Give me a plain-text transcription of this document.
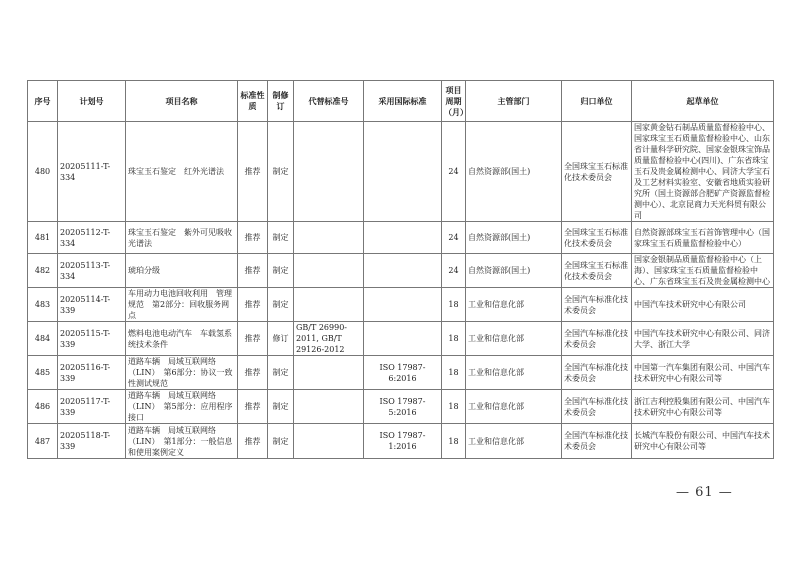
序号	计划号	项目名称	标准性质	制修订	代替标准号	采用国际标准	项目周期（月）	主管部门	归口单位	起草单位
480	20205111-T-334	珠宝玉石鉴定　红外光谱法	推荐	制定			24	自然资源部(国土)	全国珠宝玉石标准化技术委员会	国家黄金钻石制品质量监督检验中心、国家珠宝玉石质量监督检验中心、山东省计量科学研究院、国家金银珠宝饰品质量监督检验中心(四川)、广东省珠宝玉石及贵金属检测中心、同济大学宝石及工艺材料实验室、安徽省地质实验研究所（国土资源部合肥矿产资源监督检测中心）、北京昆商力天光科贸有限公司
481	20205112-T-334	珠宝玉石鉴定　紫外可见吸收光谱法	推荐	制定			24	自然资源部(国土)	全国珠宝玉石标准化技术委员会	自然资源部珠宝玉石首饰管理中心（国家珠宝玉石质量监督检验中心）
482	20205113-T-334	琥珀分级	推荐	制定			24	自然资源部(国土)	全国珠宝玉石标准化技术委员会	国家金银制品质量监督检验中心（上海）、国家珠宝玉石质量监督检验中心、广东省珠宝玉石及贵金属检测中心
483	20205114-T-339	车用动力电池回收利用　管理规范　第2部分：回收服务网点	推荐	制定			18	工业和信息化部	全国汽车标准化技术委员会	中国汽车技术研究中心有限公司
484	20205115-T-339	燃料电池电动汽车　车载氢系统技术条件	推荐	修订	GB/T 26990-2011, GB/T 29126-2012		18	工业和信息化部	全国汽车标准化技术委员会	中国汽车技术研究中心有限公司、同济大学、浙江大学
485	20205116-T-339	道路车辆　局域互联网络（LIN）　第6部分：协议一致性测试规范	推荐	制定		ISO 17987-6:2016	18	工业和信息化部	全国汽车标准化技术委员会	中国第一汽车集团有限公司、中国汽车技术研究中心有限公司等
486	20205117-T-339	道路车辆　局域互联网络（LIN）　第5部分：应用程序接口	推荐	制定		ISO 17987-5:2016	18	工业和信息化部	全国汽车标准化技术委员会	浙江吉利控股集团有限公司、中国汽车技术研究中心有限公司等
487	20205118-T-339	道路车辆　局域互联网络（LIN）　第1部分：一般信息和使用案例定义	推荐	制定		ISO 17987-1:2016	18	工业和信息化部	全国汽车标准化技术委员会	长城汽车股份有限公司、中国汽车技术研究中心有限公司等
— 61 —
